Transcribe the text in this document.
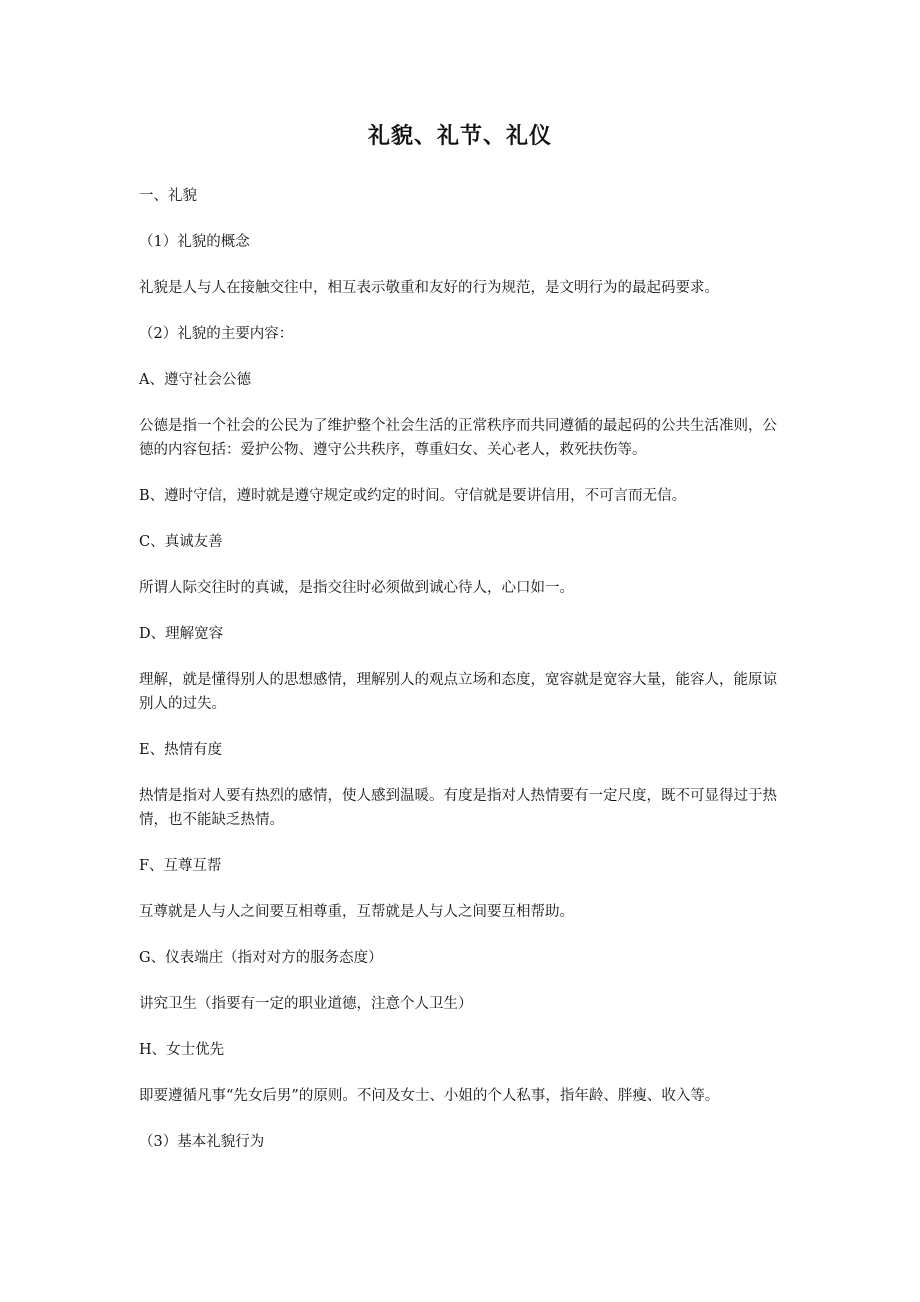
礼貌、礼节、礼仪

一、礼貌

（1）礼貌的概念

礼貌是人与人在接触交往中，相互表示敬重和友好的行为规范，是文明行为的最起码要求。

（2）礼貌的主要内容：

A、遵守社会公德

公德是指一个社会的公民为了维护整个社会生活的正常秩序而共同遵循的最起码的公共生活准则，公德的内容包括：爱护公物、遵守公共秩序，尊重妇女、关心老人，救死扶伤等。

B、遵时守信，遵时就是遵守规定或约定的时间。守信就是要讲信用，不可言而无信。

C、真诚友善

所谓人际交往时的真诚，是指交往时必须做到诚心待人，心口如一。

D、理解宽容

理解，就是懂得别人的思想感情，理解别人的观点立场和态度，宽容就是宽容大量，能容人，能原谅别人的过失。

E、热情有度

热情是指对人要有热烈的感情，使人感到温暖。有度是指对人热情要有一定尺度，既不可显得过于热情，也不能缺乏热情。

F、互尊互帮

互尊就是人与人之间要互相尊重，互帮就是人与人之间要互相帮助。

G、仪表端庄（指对对方的服务态度）

讲究卫生（指要有一定的职业道德，注意个人卫生）

H、女士优先

即要遵循凡事“先女后男”的原则。不问及女士、小姐的个人私事，指年龄、胖瘦、收入等。

（3）基本礼貌行为
